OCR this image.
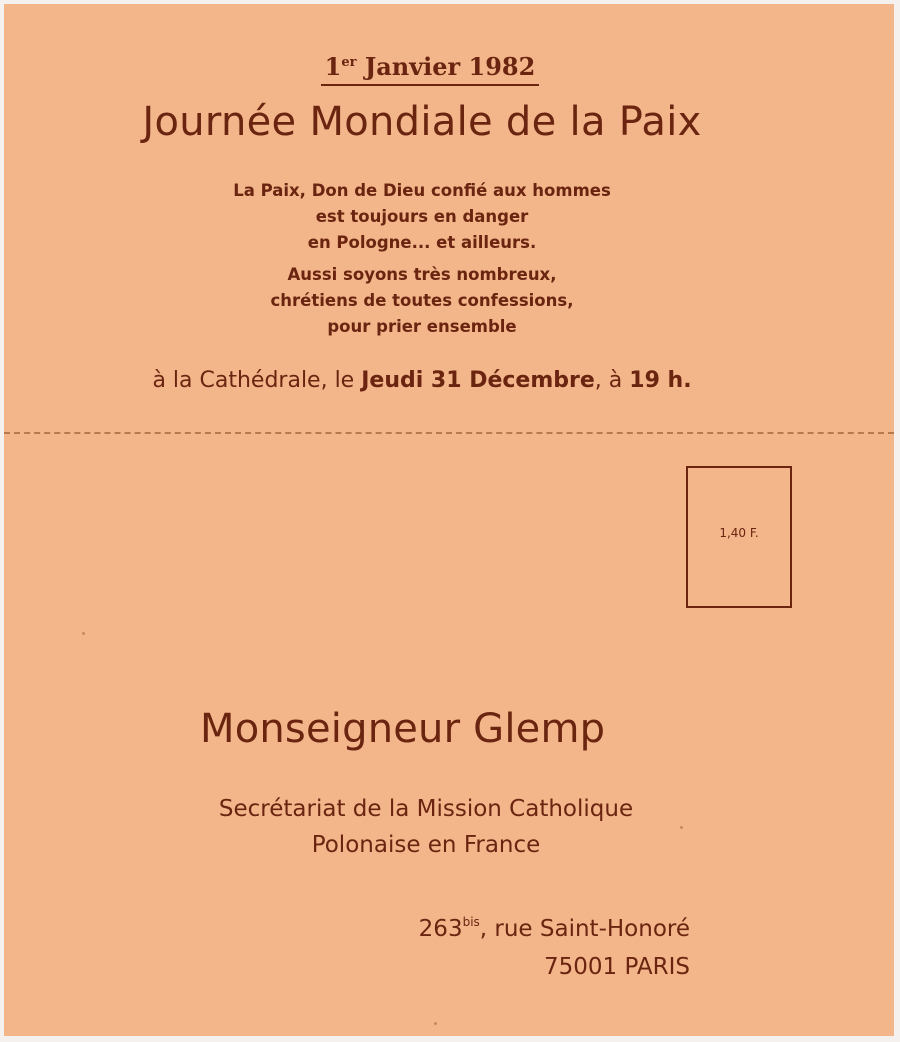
1er Janvier 1982
Journée Mondiale de la Paix
La Paix, Don de Dieu confié aux hommes
est toujours en danger
en Pologne... et ailleurs.
Aussi soyons très nombreux,
chrétiens de toutes confessions,
pour prier ensemble
à la Cathédrale, le Jeudi 31 Décembre, à 19 h.
1,40 F.
Monseigneur Glemp
Secrétariat de la Mission Catholique
Polonaise en France
$263^{bis}$, rue Saint-Honoré
75001 PARIS
